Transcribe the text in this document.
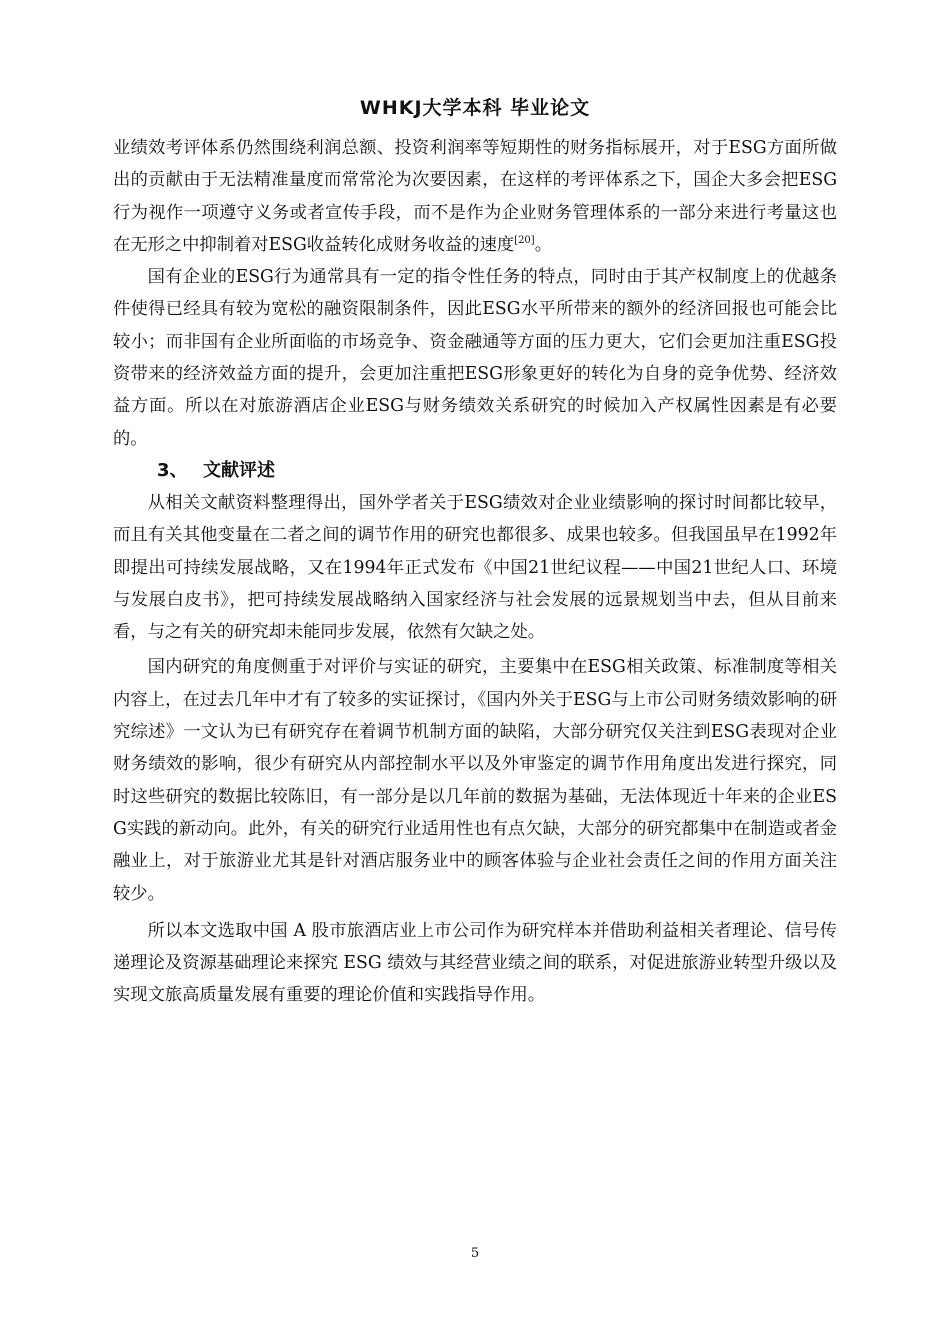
WHKJ大学本科 毕业论文

业绩效考评体系仍然围绕利润总额、投资利润率等短期性的财务指标展开，对于ESG方面所做出的贡献由于无法精准量度而常常沦为次要因素，在这样的考评体系之下，国企大多会把ESG行为视作一项遵守义务或者宣传手段，而不是作为企业财务管理体系的一部分来进行考量这也在无形之中抑制着对ESG收益转化成财务收益的速度[20]。

国有企业的ESG行为通常具有一定的指令性任务的特点，同时由于其产权制度上的优越条件使得已经具有较为宽松的融资限制条件，因此ESG水平所带来的额外的经济回报也可能会比较小；而非国有企业所面临的市场竞争、资金融通等方面的压力更大，它们会更加注重ESG投资带来的经济效益方面的提升，会更加注重把ESG形象更好的转化为自身的竞争优势、经济效益方面。所以在对旅游酒店企业ESG与财务绩效关系研究的时候加入产权属性因素是有必要的。

3、 文献评述

从相关文献资料整理得出，国外学者关于ESG绩效对企业业绩影响的探讨时间都比较早，而且有关其他变量在二者之间的调节作用的研究也都很多、成果也较多。但我国虽早在1992年即提出可持续发展战略，又在1994年正式发布《中国21世纪议程——中国21世纪人口、环境与发展白皮书》，把可持续发展战略纳入国家经济与社会发展的远景规划当中去，但从目前来看，与之有关的研究却未能同步发展，依然有欠缺之处。

国内研究的角度侧重于对评价与实证的研究，主要集中在ESG相关政策、标准制度等相关内容上，在过去几年中才有了较多的实证探讨，《国内外关于ESG与上市公司财务绩效影响的研究综述》一文认为已有研究存在着调节机制方面的缺陷，大部分研究仅关注到ESG表现对企业财务绩效的影响，很少有研究从内部控制水平以及外审鉴定的调节作用角度出发进行探究，同时这些研究的数据比较陈旧，有一部分是以几年前的数据为基础，无法体现近十年来的企业ESG实践的新动向。此外，有关的研究行业适用性也有点欠缺，大部分的研究都集中在制造或者金融业上，对于旅游业尤其是针对酒店服务业中的顾客体验与企业社会责任之间的作用方面关注较少。

所以本文选取中国 A 股市旅酒店业上市公司作为研究样本并借助利益相关者理论、信号传递理论及资源基础理论来探究 ESG 绩效与其经营业绩之间的联系，对促进旅游业转型升级以及实现文旅高质量发展有重要的理论价值和实践指导作用。

5
